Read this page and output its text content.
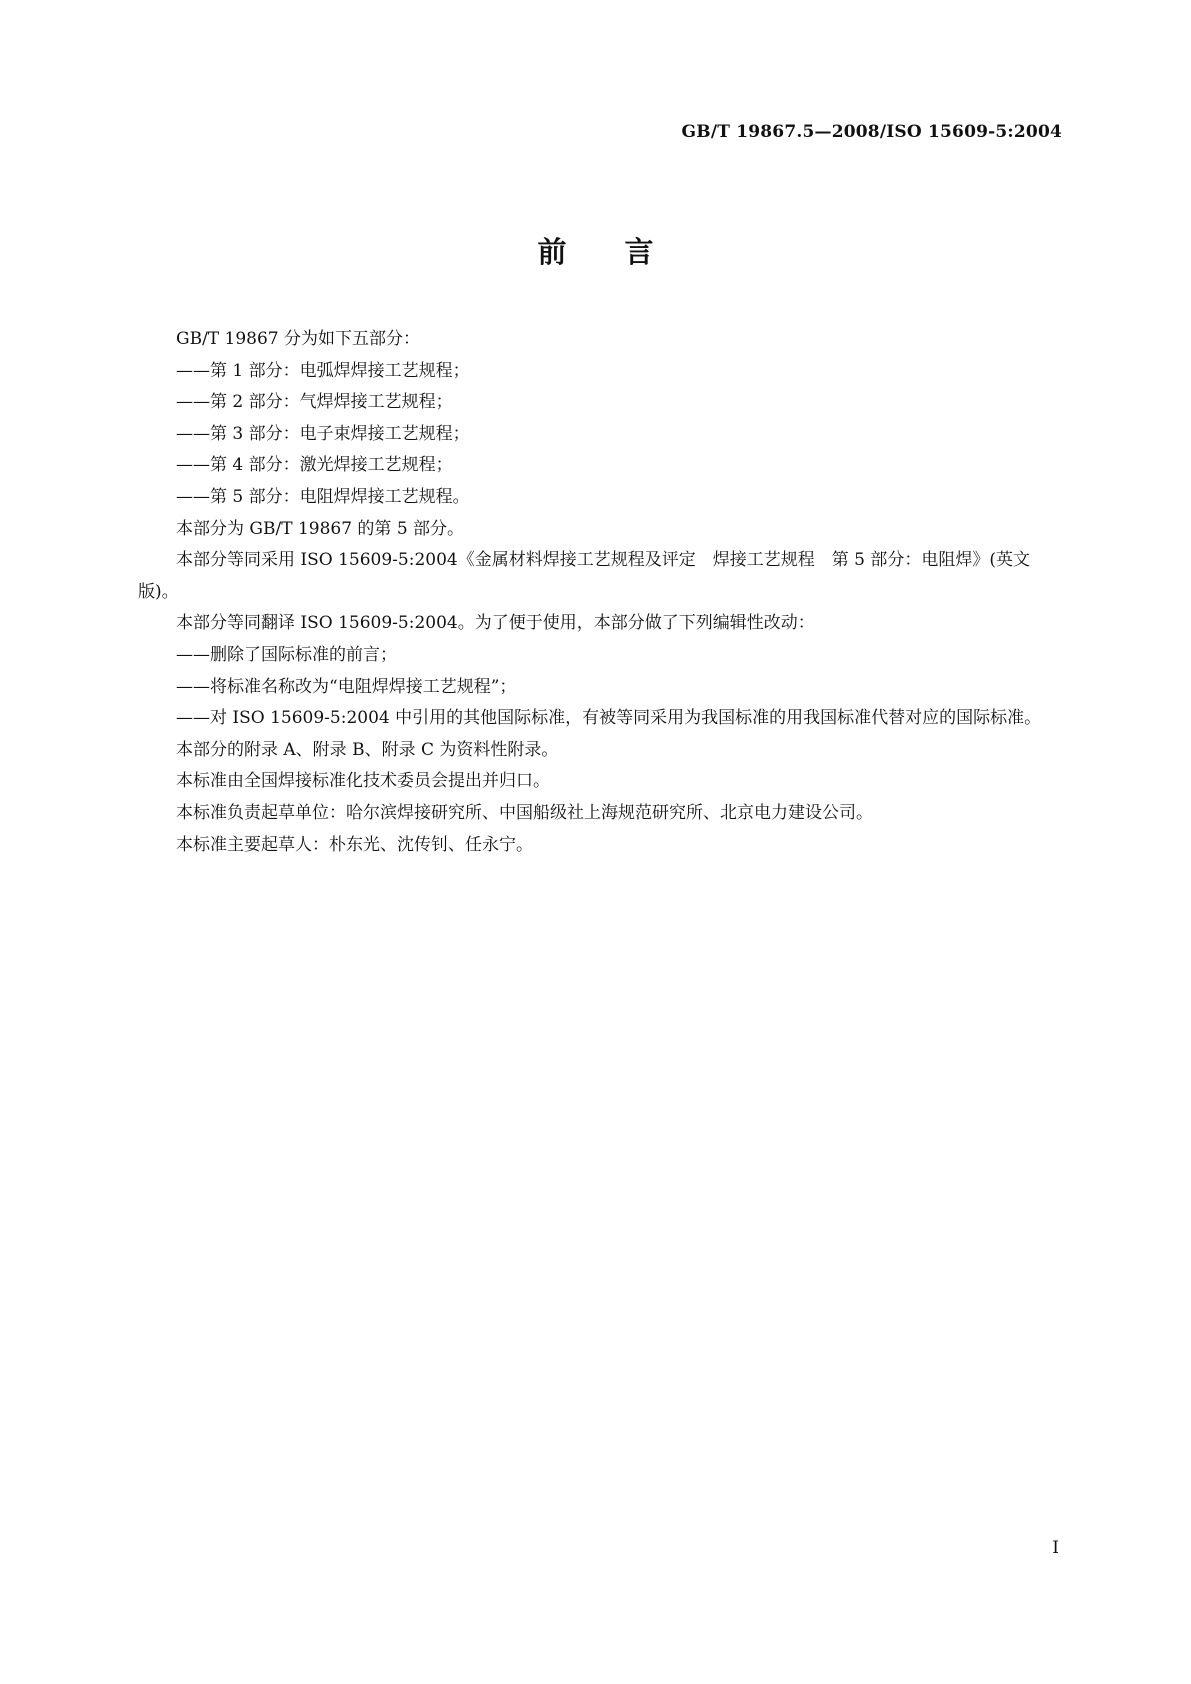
GB/T 19867.5—2008/ISO 15609-5:2004
前言

GB/T 19867 分为如下五部分：

——第 1 部分：电弧焊焊接工艺规程；

——第 2 部分：气焊焊接工艺规程；

——第 3 部分：电子束焊接工艺规程；

——第 4 部分：激光焊接工艺规程；

——第 5 部分：电阻焊焊接工艺规程。

本部分为 GB/T 19867 的第 5 部分。

本部分等同采用 ISO 15609-5:2004《金属材料焊接工艺规程及评定　焊接工艺规程　第 5 部分：电阻焊》(英文版)。

本部分等同翻译 ISO 15609-5:2004。为了便于使用，本部分做了下列编辑性改动：

——删除了国际标准的前言；

——将标准名称改为“电阻焊焊接工艺规程”；

——对 ISO 15609-5:2004 中引用的其他国际标准，有被等同采用为我国标准的用我国标准代替对应的国际标准。

本部分的附录 A、附录 B、附录 C 为资料性附录。

本标准由全国焊接标准化技术委员会提出并归口。

本标准负责起草单位：哈尔滨焊接研究所、中国船级社上海规范研究所、北京电力建设公司。

本标准主要起草人：朴东光、沈传钊、任永宁。

I
